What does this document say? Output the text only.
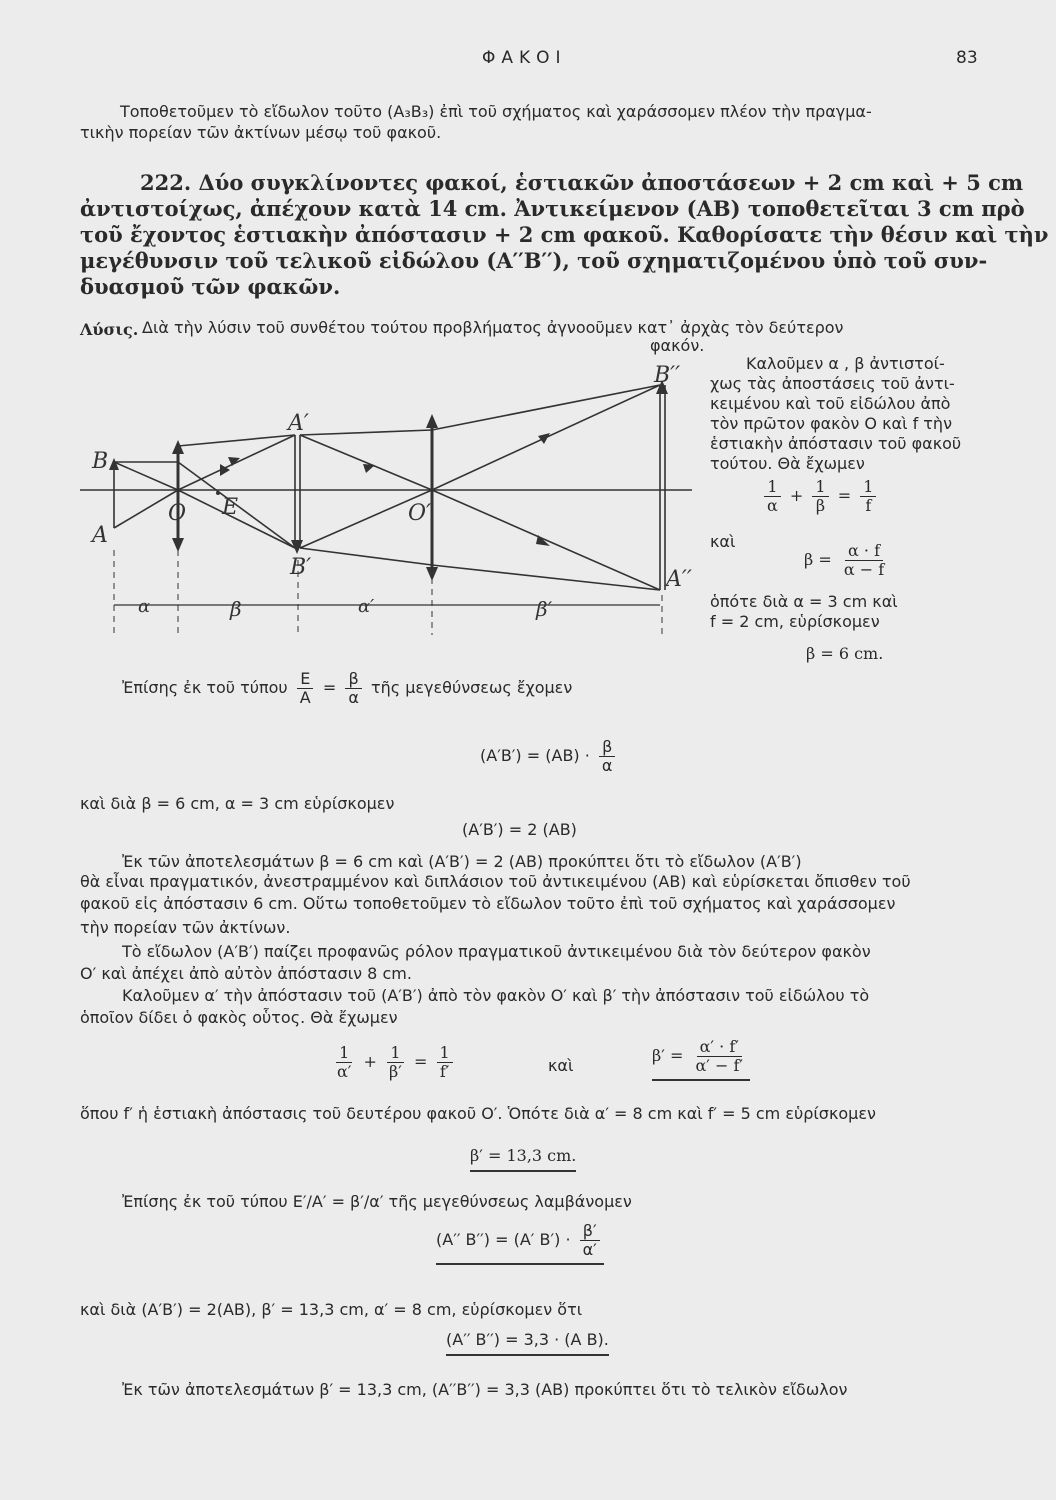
ΦΑΚΟΙ	83
Τοποθετοῦμεν τὸ εἴδωλον τοῦτο (A₃B₃) ἐπὶ τοῦ σχήματος καὶ χαράσσομεν πλέον τὴν πραγμα-
τικὴν πορείαν τῶν ἀκτίνων μέσῳ τοῦ φακοῦ.
222. Δύο συγκλίνοντες φακοί, ἑστιακῶν ἀποστάσεων + 2 cm καὶ + 5 cm
ἀντιστοίχως, ἀπέχουν κατὰ 14 cm. Ἀντικείμενον (ΑΒ) τοποθετεῖται 3 cm πρὸ
τοῦ ἔχοντος ἑστιακὴν ἀπόστασιν + 2 cm φακοῦ. Καθορίσατε τὴν θέσιν καὶ τὴν
μεγέθυνσιν τοῦ τελικοῦ εἰδώλου (Α′′Β′′), τοῦ σχηματιζομένου ὑπὸ τοῦ συν-
δυασμοῦ τῶν φακῶν.
Λύσις. Διὰ τὴν λύσιν τοῦ συνθέτου τούτου προβλήματος ἀγνοοῦμεν κατ᾽ ἀρχὰς τὸν δεύτερον
φακόν.
Καλοῦμεν α , β ἀντιστοί-
χως τὰς ἀποστάσεις τοῦ ἀντι-
κειμένου καὶ τοῦ εἰδώλου ἀπὸ
τὸν πρῶτον φακὸν Ο καὶ f τὴν
ἑστιακὴν ἀπόστασιν τοῦ φακοῦ
τούτου. Θὰ ἔχωμεν
$\frac{1}{\alpha} + \frac{1}{\beta} = \frac{1}{f}$
καὶ
$\beta = \frac{\alpha \cdot f}{\alpha - f}$
ὁπότε διὰ α = 3 cm καὶ
f = 2 cm, εὑρίσκομεν
β = 6 cm.
B
A
O E
A′
B′
O′
B′′
A′′
α	β	α′	β′
Ἐπίσης ἐκ τοῦ τύπου $\frac{E}{A} = \frac{\beta}{\alpha}$ τῆς μεγεθύνσεως ἔχομεν
$(A'B') = (AB) \cdot \frac{\beta}{\alpha}$
καὶ διὰ β = 6 cm, α = 3 cm εὑρίσκομεν
(A′B′) = 2 (AB)
Ἐκ τῶν ἀποτελεσμάτων β = 6 cm καὶ (A′B′) = 2 (AB) προκύπτει ὅτι τὸ εἴδωλον (A′B′)
θὰ εἶναι πραγματικόν, ἀνεστραμμένον καὶ διπλάσιον τοῦ ἀντικειμένου (AB) καὶ εὑρίσκεται ὄπισθεν τοῦ
φακοῦ εἰς ἀπόστασιν 6 cm. Οὕτω τοποθετοῦμεν τὸ εἴδωλον τοῦτο ἐπὶ τοῦ σχήματος καὶ χαράσσομεν
τὴν πορείαν τῶν ἀκτίνων.
Τὸ εἴδωλον (A′B′) παίζει προφανῶς ρόλον πραγματικοῦ ἀντικειμένου διὰ τὸν δεύτερον φακὸν
Ο′ καὶ ἀπέχει ἀπὸ αὐτὸν ἀπόστασιν 8 cm.
Καλοῦμεν α′ τὴν ἀπόστασιν τοῦ (A′B′) ἀπὸ τὸν φακὸν Ο′ καὶ β′ τὴν ἀπόστασιν τοῦ εἰδώλου τὸ
ὁποῖον δίδει ὁ φακὸς οὗτος. Θὰ ἔχωμεν
$\frac{1}{\alpha'} + \frac{1}{\beta'} = \frac{1}{f'}$	καὶ
$\beta' = \frac{\alpha' \cdot f'}{\alpha' - f'}$
ὅπου f′ ἡ ἑστιακὴ ἀπόστασις τοῦ δευτέρου φακοῦ Ο′. Ὁπότε διὰ α′ = 8 cm καὶ f′ = 5 cm εὑρίσκομεν
β′ = 13,3 cm.
Ἐπίσης ἐκ τοῦ τύπου E′/A′ = β′/α′ τῆς μεγεθύνσεως λαμβάνομεν
(A′′ B′′) = (A′ $B') \cdot \frac{\beta'}{\alpha'}$
καὶ διὰ (A′B′) = 2(AB), β′ = 13,3 cm, α′ = 8 cm, εὑρίσκομεν ὅτι
(A′′ B′′) = 3,3 · (A B).
Ἐκ τῶν ἀποτελεσμάτων β′ = 13,3 cm, (A′′B′′) = 3,3 (AB) προκύπτει ὅτι τὸ τελικὸν εἴδωλον
